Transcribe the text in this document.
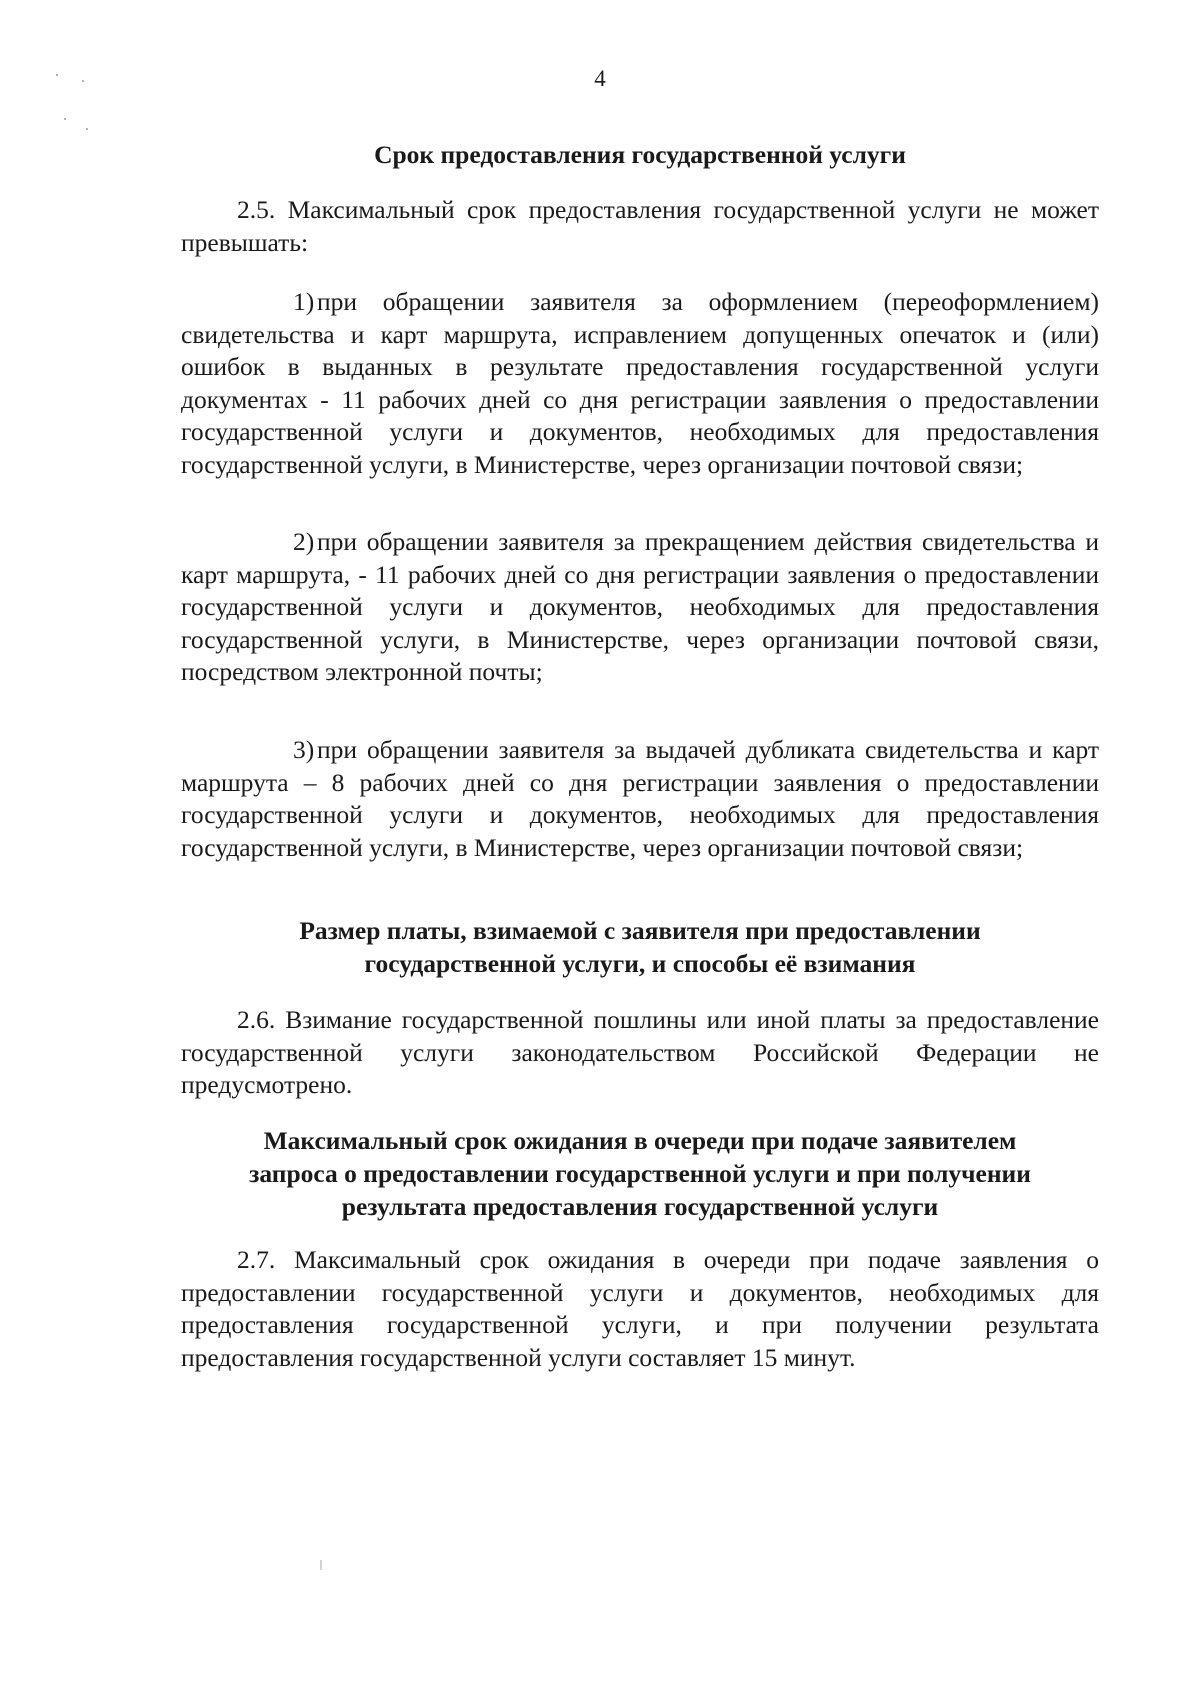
4

Срок предоставления государственной услуги

2.5. Максимальный срок предоставления государственной услуги не может превышать:

1) при обращении заявителя за оформлением (переоформлением) свидетельства и карт маршрута, исправлением допущенных опечаток и (или) ошибок в выданных в результате предоставления государственной услуги документах - 11 рабочих дней со дня регистрации заявления о предоставлении государственной услуги и документов, необходимых для предоставления государственной услуги, в Министерстве, через организации почтовой связи;

2) при обращении заявителя за прекращением действия свидетельства и карт маршрута, - 11 рабочих дней со дня регистрации заявления о предоставлении государственной услуги и документов, необходимых для предоставления государственной услуги, в Министерстве, через организации почтовой связи, посредством электронной почты;

3) при обращении заявителя за выдачей дубликата свидетельства и карт маршрута – 8 рабочих дней со дня регистрации заявления о предоставлении государственной услуги и документов, необходимых для предоставления государственной услуги, в Министерстве, через организации почтовой связи;

Размер платы, взимаемой с заявителя при предоставлении
государственной услуги, и способы её взимания

2.6. Взимание государственной пошлины или иной платы за предоставление государственной услуги законодательством Российской Федерации не предусмотрено.

Максимальный срок ожидания в очереди при подаче заявителем
запроса о предоставлении государственной услуги и при получении
результата предоставления государственной услуги

2.7. Максимальный срок ожидания в очереди при подаче заявления о предоставлении государственной услуги и документов, необходимых для предоставления государственной услуги, и при получении результата предоставления государственной услуги составляет 15 минут.
